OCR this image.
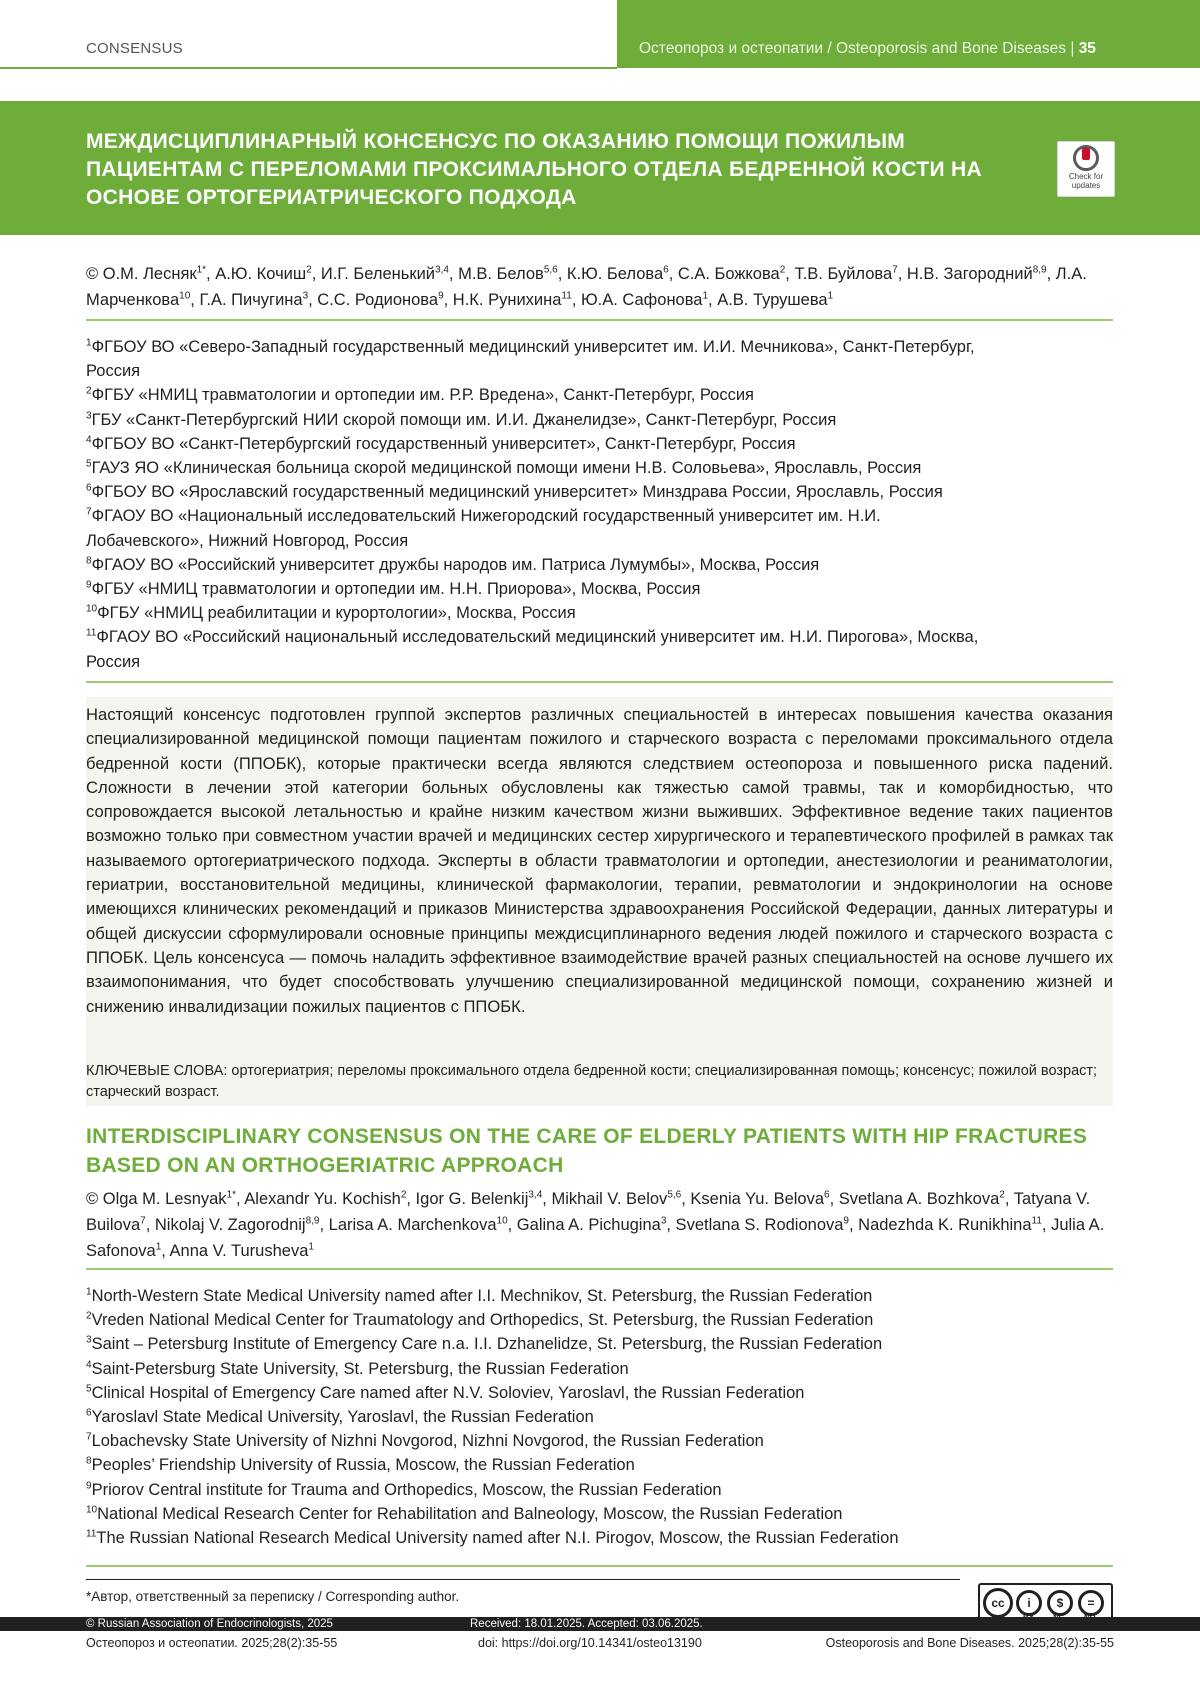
CONSENSUS	Остеопороз и остеопатии / Osteoporosis and Bone Diseases | 35
МЕЖДИСЦИПЛИНАРНЫЙ КОНСЕНСУС ПО ОКАЗАНИЮ ПОМОЩИ ПОЖИЛЫМ ПАЦИЕНТАМ С ПЕРЕЛОМАМИ ПРОКСИМАЛЬНОГО ОТДЕЛА БЕДРЕННОЙ КОСТИ НА ОСНОВЕ ОРТОГЕРИАТРИЧЕСКОГО ПОДХОДА
Check for updates
© О.М. Лесняк$^{1*}$, А.Ю. Кочиш$^2$, И.Г. Беленький$^{3,4}$, М.В. Белов$^{5,6}$, К.Ю. Белова$^6$, С.А. Божкова$^2$, Т.В. Буйлова$^7$, Н.В. Загородний$^{8,9}$, Л.А. Марченкова$^{10}$, Г.А. Пичугина$^3$, С.С. Родионова$^9$, Н.К. Рунихина$^{11}$, Ю.А. Сафонова$^1$, А.В. Турушева$^1$
$^1$ФГБОУ ВО «Северо-Западный государственный медицинский университет им. И.И. Мечникова», Санкт-Петербург,
Россия
$^2$ФГБУ «НМИЦ травматологии и ортопедии им. Р.Р. Вредена», Санкт-Петербург, Россия
$^3$ГБУ «Санкт-Петербургский НИИ скорой помощи им. И.И. Джанелидзе», Санкт-Петербург, Россия
$^4$ФГБОУ ВО «Санкт-Петербургский государственный университет», Санкт-Петербург, Россия
$^5$ГАУЗ ЯО «Клиническая больница скорой медицинской помощи имени Н.В. Соловьева», Ярославль, Россия
$^6$ФГБОУ ВО «Ярославский государственный медицинский университет» Минздрава России, Ярославль, Россия
$^7$ФГАОУ ВО «Национальный исследовательский Нижегородский государственный университет им. Н.И.
Лобачевского», Нижний Новгород, Россия
$^8$ФГАОУ ВО «Российский университет дружбы народов им. Патриса Лумумбы», Москва, Россия
$^9$ФГБУ «НМИЦ травматологии и ортопедии им. Н.Н. Приорова», Москва, Россия
$^{10}$ФГБУ «НМИЦ реабилитации и курортологии», Москва, Россия
$^{11}$ФГАОУ ВО «Российский национальный исследовательский медицинский университет им. Н.И. Пирогова», Москва,
Россия
Настоящий консенсус подготовлен группой экспертов различных специальностей в интересах повышения качества оказания специализированной медицинской помощи пациентам пожилого и старческого возраста с переломами проксимального отдела бедренной кости (ППОБК), которые практически всегда являются следствием остеопороза и повышенного риска падений. Сложности в лечении этой категории больных обусловлены как тяжестью самой травмы, так и коморбидностью, что сопровождается высокой летальностью и крайне низким качеством жизни выживших. Эффективное ведение таких пациентов возможно только при совместном участии врачей и медицинских сестер хирургического и терапевтического профилей в рамках так называемого ортогериатрического подхода. Эксперты в области травматологии и ортопедии, анестезиологии и реаниматологии, гериатрии, восстановительной медицины, клинической фармакологии, терапии, ревматологии и эндокринологии на основе имеющихся клинических рекомендаций и приказов Министерства здравоохранения Российской Федерации, данных литературы и общей дискуссии сформулировали основные принципы междисциплинарного ведения людей пожилого и старческого возраста с ППОБК. Цель консенсуса — помочь наладить эффективное взаимодействие врачей разных специальностей на основе лучшего их взаимопонимания, что будет способствовать улучшению специализированной медицинской помощи, сохранению жизней и снижению инвалидизации пожилых пациентов с ППОБК.
КЛЮЧЕВЫЕ СЛОВА: ортогериатрия; переломы проксимального отдела бедренной кости; специализированная помощь; консенсус; пожилой возраст; старческий возраст.
INTERDISCIPLINARY CONSENSUS ON THE CARE OF ELDERLY PATIENTS WITH HIP FRACTURES BASED ON AN ORTHOGERIATRIC APPROACH
© Olga M. Lesnyak$^{1*}$, Alexandr Yu. Kochish$^2$, Igor G. Belenkij$^{3,4}$, Mikhail V. Belov$^{5,6}$, Ksenia Yu. Belova$^6$, Svetlana A. Bozhkova$^2$, Tatyana V. Builova$^7$, Nikolaj V. Zagorodnij$^{8,9}$, Larisa A. Marchenkova$^{10}$, Galina A. Pichugina$^3$, Svetlana S. Rodionova$^9$, Nadezhda K. Runikhina$^{11}$, Julia A. Safonova$^1$, Anna V. Turusheva$^1$
$^1$North-Western State Medical University named after I.I. Mechnikov, St. Petersburg, the Russian Federation
$^2$Vreden National Medical Center for Traumatology and Orthopedics, St. Petersburg, the Russian Federation
$^3$Saint – Petersburg Institute of Emergency Care n.a. I.I. Dzhanelidze, St. Petersburg, the Russian Federation
$^4$Saint-Petersburg State University, St. Petersburg, the Russian Federation
$^5$Clinical Hospital of Emergency Care named after N.V. Soloviev, Yaroslavl, the Russian Federation
$^6$Yaroslavl State Medical University, Yaroslavl, the Russian Federation
$^7$Lobachevsky State University of Nizhni Novgorod, Nizhni Novgorod, the Russian Federation
$^8$Peoples’ Friendship University of Russia, Moscow, the Russian Federation
$^9$Priorov Central institute for Trauma and Orthopedics, Moscow, the Russian Federation
$^{10}$National Medical Research Center for Rehabilitation and Balneology, Moscow, the Russian Federation
$^{11}$The Russian National Research Medical University named after N.I. Pirogov, Moscow, the Russian Federation
*Автор, ответственный за переписку / Corresponding author.	cc	i	$	=
© Russian Association of Endocrinologists, 2025	Received: 18.01.2025. Accepted: 03.06.2025.
Остеопороз и остеопатии. 2025;28(2):35-55	doi: https://doi.org/10.14341/osteo13190	Osteoporosis and Bone Diseases. 2025;28(2):35-55
